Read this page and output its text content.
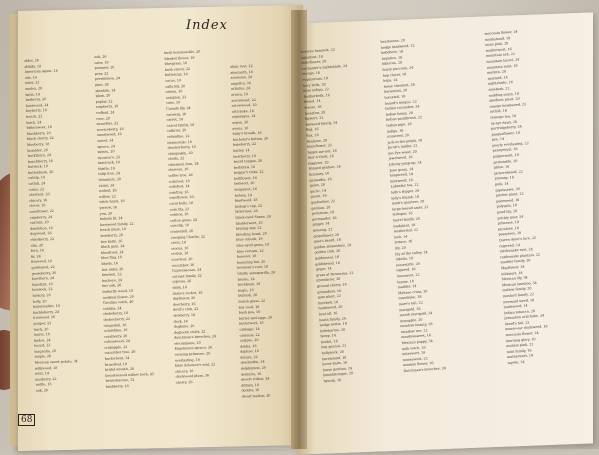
Index
alder, 26
alfalfa, 18
American aspen, 14
ash, 14
aster, 22
azalea, 28
balm, 14
barberry, 20
basswood, 24
bayberry, 18
beech, 22
birch, 24
bittersweet, 16
blackberry, 20
black cherry, 22
blueberry, 18
boxelder, 26
buckthorn, 24
bunchberry, 16
burdock, 18
buttonbush, 20
catnip, 14
cattail, 24
cedar, 22
chestnut, 20
chicory, 16
clover, 18
coneflower, 22
cranberry, 24
currant, 20
dandelion, 14
dogwood, 26
elderberry, 22
elm, 20
fern, 16
fir, 24
fireweed, 18
goldenrod, 22
gooseberry, 20
hawthorn, 24
hazelnut, 18
hemlock, 22
hickory, 26
holly, 20
honeysuckle, 18
huckleberry, 24
ironwood, 16
juniper, 22
larch, 20
laurel, 18
linden, 24
locust, 22
magnolia, 20
maple, 26
Mexican sweet potato, 34
milkweed, 18
mint, 14
mulberry, 22
nettle, 16
oak, 26
oak, 26
osier, 18
pawpaw, 20
pear, 22
persimmon, 24
pine, 26
plantain, 14
plum, 20
poplar, 22
raspberry, 18
redbud, 24
rose, 20
sassafras, 22
serviceberry, 18
smartweed, 16
sorrel, 14
spruce, 24
sumac, 20
sycamore, 22
tamarack, 18
thistle, 16
tulip tree, 24
viburnum, 20
violet, 14
walnut, 26
willow, 22
witch hazel, 18
yarrow, 16
yew, 20
balsam fir, 24
basswood family, 22
beach plum, 18
bearberry, 20
bee balm, 16
black gum, 24
bloodroot, 14
blue flag, 18
bluets, 16
box elder, 20
bracken, 22
buckeye, 24
bur oak, 26
butterfly weed, 18
cardinal flower, 20
Carolina vetch, 40
catalpa, 24
chokeberry, 18
chokecherry, 22
cinquefoil, 16
columbine, 18
coralberry, 20
cottonwood, 24
crabapple, 22
cucumber tree, 26
buckwheat, 14
broadleaf, 18
bridal wreath, 20
broad-leaved willow herb, 45
bromeliaceae, 32
bushberry, 18
bush honeysuckle, 20
blanket flower, 18
bluegrass, 16
bush clover, 22
buttercup, 14
cacao, 18
calla lily, 20
camas, 16
campion, 22
cane, 18
Canada lily, 24
caraway, 16
carrot, 14
carrot family, 18
catbrier, 20
celandine, 22
chamomile, 16
checkerberry, 18
chinquapin, 20
cholla, 22
cinnamon fern, 24
cleavers, 16
coffee tree, 26
colicroot, 18
coltsfoot, 14
comfrey, 16
coneflower, 20
coral bells, 18
corn lily, 22
cosmos, 16
cotton grass, 24
cowslip, 18
cranesbill, 20
creeping Charlie, 22
cress, 14
crocus, 16
croton, 18
crowfoot, 20
cucumber, 16
Cupressaceae, 24
currant family, 22
cypress, 26
daisy, 14
dame's rocket, 18
dayflower, 20
deerberry, 16
devil's club, 22
dewberry, 18
dock, 14
dogbane, 20
dogtooth violet, 22
dutchman's breeches, 24
elecampane, 18
Engelmann spruce, 26
evening primrose, 20
everlasting, 16
false Solomon's seal, 22
chicory, 18
chickweed plum, 36
cherry, 26
alum root, 22
amaranth, 18
anemone, 20
angelica, 16
arbutus, 24
arnica, 18
arrowhead, 22
arrowwood, 20
artichoke, 16
asparagus, 14
aspen, 26
avens, 18
baby's breath, 16
bachelor's button, 20
baneberry, 22
barley, 14
bearberry, 18
beard tongue, 20
bedstraw, 16
beggar's ticks, 22
bellflower, 18
bellwort, 20
bergamot, 16
betony, 14
bindweed, 18
bishop's cap, 22
bitterroot, 20
black-eyed Susan, 24
bladderwort, 18
blazing star, 22
bleeding heart, 20
blue cohosh, 16
blue-eyed grass, 18
blue vervain, 22
boneset, 16
bouncing bet, 20
bowman's root, 18
bristly sarsaparilla, 24
brome, 14
buckbean, 18
bugle, 16
bulrush, 20
bunch grass, 22
bur reed, 18
bush pea, 16
butter-and-eggs, 20
butterwort, 18
cabbage, 14
calamus, 22
calypso, 20
dahlia, 16
daphne, 18
datura, 22
deadnettle, 14
delphinium, 20
dentaria, 16
desert willow, 24
dittany, 18
dodder, 16
dwarf mallow, 20
Eastern hemlock, 22
eglantine, 18
elderflower, 20
enchanter's nightshade, 24
eryngo, 16
eupatorium, 18
fairy bells, 20
false indigo, 22
featherbells, 16
fennel, 14
fescue, 18
feverfew, 20
figwort, 22
fireweed family, 24
flag, 16
flax, 18
fleabane, 20
foamflower, 22
forget-me-not, 18
four-o'clock, 16
foxglove, 20
fringed gentian, 24
fumitory, 16
gaillardia, 18
galax, 20
garlic, 14
gaura, 16
gayfeather, 22
gentian, 20
geranium, 18
germander, 16
ginger, 14
ginseng, 22
globeflower, 20
goat's beard, 18
golden alexanders, 24
golden club, 20
goldenseal, 18
goldthread, 16
grape, 14
grass of Parnassus, 22
greenbrier, 20
ground cherry, 18
groundnut, 16
gum plant, 22
harebell, 18
hawkweed, 20
heal-all, 16
heath family, 24
hedge nettle, 18
helleborine, 20
hemp, 14
henbit, 16
hog peanut, 22
hollyhock, 20
horehound, 18
horse balm, 16
horse gentian, 24
houndstongue, 20
hyssop, 16
heartsease, 20
hedge bindweed, 22
hellebore, 18
hepatica, 16
hibiscus, 20
hoary puccoon, 24
hop clover, 18
hops, 14
horse chestnut, 26
horsemint, 20
horsetail, 18
hound's tongue, 22
Indian cucumber, 24
Indian hemp, 20
Indian paintbrush, 22
Indian pipe, 18
indigo, 16
ironweed, 20
jack-in-the-pulpit, 18
Jacob's ladder, 22
Joe-Pye weed, 20
jewelweed, 16
Johnny-jump-up, 24
June grass, 14
knapweed, 18
knotweed, 16
Labrador tea, 22
lady's slipper, 24
lady's thumb, 18
lamb's quarters, 20
large-leaved aster, 22
larkspur, 16
laurel family, 20
leadplant, 18
leatherleaf, 22
leek, 14
lettuce, 16
lily, 20
lily of the valley, 24
lobelia, 18
loosestrife, 20
lopseed, 16
lousewort, 22
lupine, 18
madder, 14
Maltese cross, 20
mandrake, 18
mare's tail, 22
marigold, 16
marsh marigold, 24
mayapple, 20
meadow beauty, 18
meadow rue, 22
meadowsweet, 16
Mexican poppy, 34
milk vetch, 20
miterwort, 18
moneywort, 22
monkey flower, 16
Dutchman's breeches, 28
moccasin flower, 24
monkshood, 18
moss pink, 20
motherwort, 16
mountain ash, 22
mountain laurel, 24
mountain mint, 18
mullein, 20
mustard, 14
nightshade, 16
ninebark, 22
nodding onion, 18
obedient plant, 20
orange hawkweed, 22
orchid, 16
Oswego tea, 18
ox-eye daisy, 20
partridgeberry, 24
pasqueflower, 18
pea, 14
pearly everlasting, 22
pennyroyal, 16
peppermint, 18
periwinkle, 20
phlox, 16
pickerelweed, 22
pinesap, 18
pink, 14
pipsissewa, 20
pitcher plant, 22
pokeweed, 18
polygala, 16
pond lily, 20
prickly pear, 24
primrose, 18
purslane, 16
pussytoes, 20
Queen Anne's lace, 22
ragweed, 14
rattlesnake root, 24
rattlesnake plantain, 22
madder family, 26
Mayflower, 24
milkwort, 18
Mexican lily, 34
Mexican bamboo, 34
mallow family, 20
mustard family, 22
mermaid weed, 18
hawkweed, 14
Indian tobacco, 20
Jerusalem artichoke, 24
lizard's tail, 22
mouse-ear chickweed, 18
moccasin flower, 24
morning glory, 20
mullein pink, 22
mint family, 16
motherwort, 18
myrtle, 14
68
